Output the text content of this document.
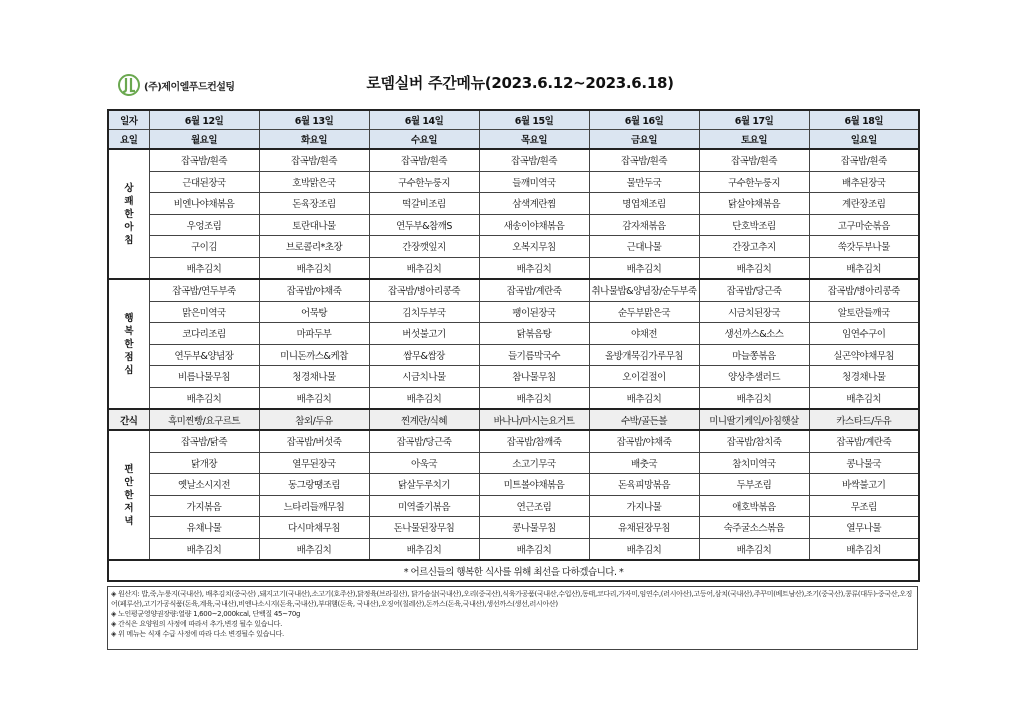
(주)제이엘푸드컨설팅	로뎀실버 주간메뉴(2023.6.12~2023.6.18)
일자	6월 12일	6월 13일	6월 14일	6월 15일	6월 16일	6월 17일	6월 18일
요일	월요일	화요일	수요일	목요일	금요일	토요일	일요일

상
쾌
한
아
침	잡곡밥/흰죽	잡곡밥/흰죽	잡곡밥/흰죽	잡곡밥/흰죽	잡곡밥/흰죽	잡곡밥/흰죽	잡곡밥/흰죽
	근대된장국	호박맑은국	구수한누룽지	들깨미역국	물만두국	구수한누룽지	배추된장국
	비엔나야채볶음	돈육장조림	떡갈비조림	삼색계란찜	명엽채조림	닭살야채볶음	계란장조림
	우엉조림	토란대나물	연두부&참깨S	새송이야채볶음	감자채볶음	단호박조림	고구마순볶음
	구이김	브로콜리*초장	간장깻잎지	오복지무침	근대나물	간장고추지	쑥갓두부나물
	배추김치	배추김치	배추김치	배추김치	배추김치	배추김치	배추김치

행
복
한
점
심	잡곡밥/연두부죽	잡곡밥/야채죽	잡곡밥/병아리콩죽	잡곡밥/계란죽	취나물밥&양념장/순두부죽	잡곡밥/당근죽	잡곡밥/병아리콩죽
	맑은미역국	어묵탕	김치두부국	팽이된장국	순두부맑은국	시금치된장국	알토란들깨국
	코다리조림	마파두부	버섯불고기	닭볶음탕	야채전	생선까스&소스	임연수구이
	연두부&양념장	미니돈까스&케찹	쌈무&쌈장	들기름막국수	올방개묵김가루무침	마늘쫑볶음	실곤약야채무침
	비름나물무침	청경채나물	시금치나물	참나물무침	오이겉절이	양상추샐러드	청경채나물
	배추김치	배추김치	배추김치	배추김치	배추김치	배추김치	배추김치
간식	흑미찐빵/요구르트	참외/두유	찐계란/식혜	바나나/마시는요거트	수박/골든볼	미니딸기케익/아침햇살	카스타드/두유

편
안
한
저
녁	잡곡밥/닭죽	잡곡밥/버섯죽	잡곡밥/당근죽	잡곡밥/참깨죽	잡곡밥/야채죽	잡곡밥/참치죽	잡곡밥/계란죽
	닭개장	열무된장국	아욱국	소고기무국	배춧국	참치미역국	콩나물국
	옛날소시지전	동그랑땡조림	닭살두루치기	미트볼야채볶음	돈육피망볶음	두부조림	바싹불고기
	가지볶음	느타리들깨무침	미역줄기볶음	연근조림	가지나물	애호박볶음	무조림
	유채나물	다시마채무침	돈나물된장무침	콩나물무침	유채된장무침	숙주굴소스볶음	열무나물
	배추김치	배추김치	배추김치	배추김치	배추김치	배추김치	배추김치
* 어르신들의 행복한 식사를 위해 최선을 다하겠습니다. *							
◈ 원산지: 밥,죽,누룽지(국내산), 배추김치(중국산) ,돼지고기(국내산),소고기(호주산),닭정육(브라질산), 닭가슴살(국내산),오리(중국산),식육가공품(국내산,수입산),동태,코다리,가자미,임연수,(러시아산),고등어,삼치(국내산),주꾸미(베트남산),조기(중국산),콩류(대두)-중국산,오징어(페루산),고기가공식품(돈육,계육,국내산),비엔나소시지(돈육,국내산),부대햄(돈육, 국내산),오징어(칠레산),돈까스(돈육,국내산),생선까스(생선,러시아산)
◈ 노인평균영양권장량:열량 1,600~2,000kcal, 단백질 45~70g
◈ 간식은 요양원의 사정에 따라서 추가,변경 될수 있습니다.
◈ 위 메뉴는 식재 수급 사정에 따라 다소 변경될수 있습니다.
